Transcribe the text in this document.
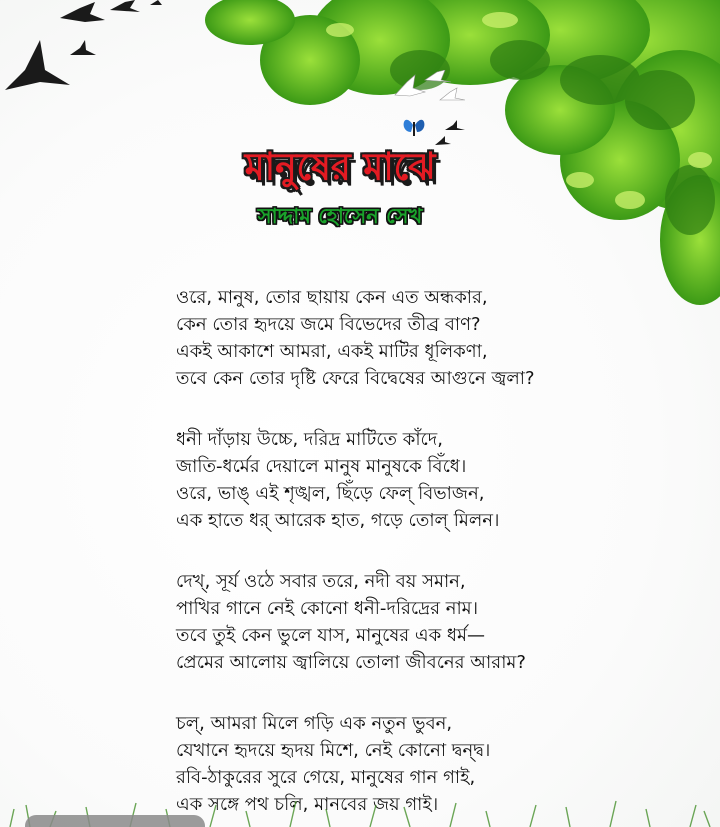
মানুষের মাঝে
সাদ্দাম হোসেন সেখ
ওরে, মানুষ, তোর ছায়ায় কেন এত অন্ধকার,
কেন তোর হৃদয়ে জমে বিভেদের তীব্র বাণ?
একই আকাশে আমরা, একই মাটির ধূলিকণা,
তবে কেন তোর দৃষ্টি ফেরে বিদ্বেষের আগুনে জ্বলা?
ধনী দাঁড়ায় উচ্চে, দরিদ্র মাটিতে কাঁদে,
জাতি-ধর্মের দেয়ালে মানুষ মানুষকে বিঁধে।
ওরে, ভাঙ্ এই শৃঙ্খল, ছিঁড়ে ফেল্ বিভাজন,
এক হাতে ধর্ আরেক হাত, গড়ে তোল্ মিলন।
দেখ্, সূর্য ওঠে সবার তরে, নদী বয় সমান,
পাখির গানে নেই কোনো ধনী-দরিদ্রের নাম।
তবে তুই কেন ভুলে যাস, মানুষের এক ধর্ম—
প্রেমের আলোয় জ্বালিয়ে তোলা জীবনের আরাম?
চল্, আমরা মিলে গড়ি এক নতুন ভুবন,
যেখানে হৃদয়ে হৃদয় মিশে, নেই কোনো দ্বন্দ্ব।
রবি-ঠাকুরের সুরে গেয়ে, মানুষের গান গাই,
এক সঙ্গে পথ চলি, মানবের জয় গাই।
